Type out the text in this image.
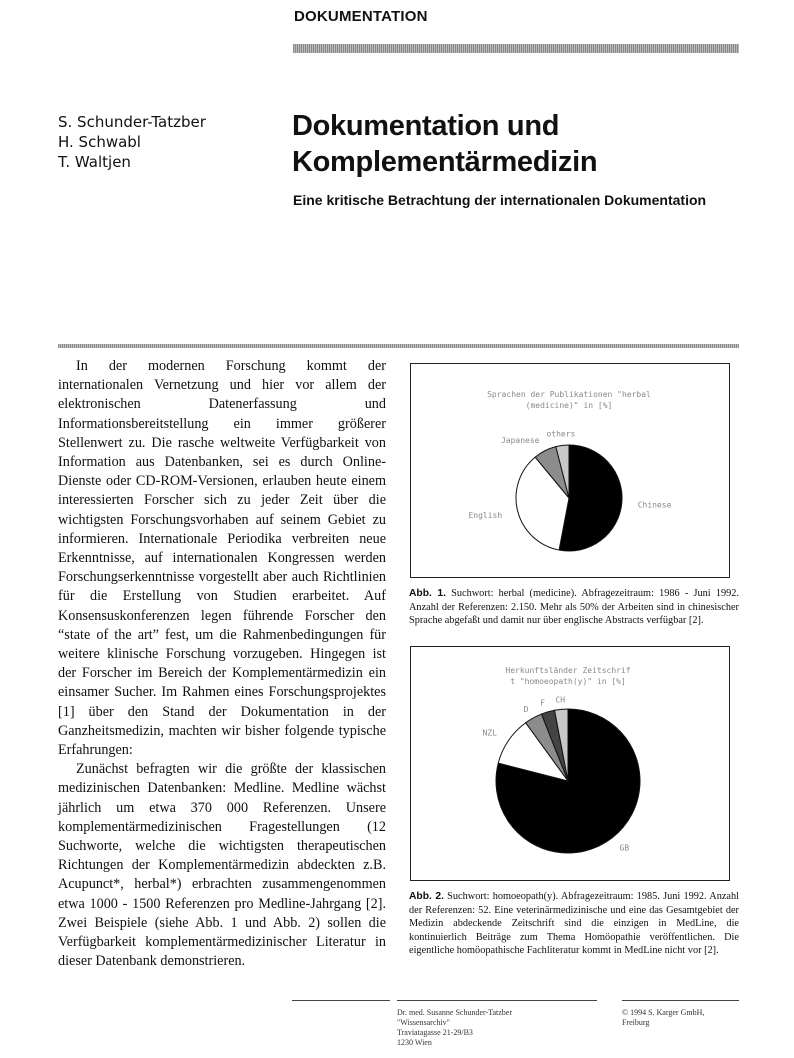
DOKUMENTATION
S. Schunder-Tatzber
H. Schwabl
T. Waltjen
Dokumentation und
Komplementärmedizin
Eine kritische Betrachtung der internationalen Dokumentation

In der modernen Forschung kommt der internationalen Vernetzung und hier vor allem der elektronischen Datenerfassung und Informationsbereitstellung ein immer größerer Stellenwert zu. Die rasche weltweite Verfügbarkeit von Information aus Datenbanken, sei es durch Online-Dienste oder CD-ROM-Versionen, erlauben heute einem interessierten Forscher sich zu jeder Zeit über die wichtigsten Forschungsvorhaben auf seinem Gebiet zu informieren. Internationale Periodika verbreiten neue Erkenntnisse, auf internationalen Kongressen werden Forschungserkenntnisse vorgestellt aber auch Richtlinien für die Erstellung von Studien erarbeitet. Auf Konsensuskonferenzen legen führende Forscher den “state of the art” fest, um die Rahmenbedingungen für weitere klinische Forschung vorzugeben. Hingegen ist der Forscher im Bereich der Komplementärmedizin ein einsamer Sucher. Im Rahmen eines Forschungsprojektes [1] über den Stand der Dokumentation in der Ganzheitsmedizin, machten wir bisher folgende typische Erfahrungen:

Zunächst befragten wir die größte der klassischen medizinischen Datenbanken: Medline. Medline wächst jährlich um etwa 370 000 Referenzen. Unsere komplementärmedizinischen Fragestellungen (12 Suchworte, welche die wichtigsten therapeutischen Richtungen der Komplementärmedizin abdeckten z.B. Acupunct*, herbal*) erbrachten zusammengenommen etwa 1000 - 1500 Referenzen pro Medline-Jahrgang [2]. Zwei Beispiele (siehe Abb. 1 und Abb. 2) sollen die Verfügbarkeit komplementärmedizinischer Literatur in dieser Datenbank demonstrieren.

Sprachen der Publikationen "herbal (medicine)" in [%]
Chinese
English
Japanese
others
Abb. 1. Suchwort: herbal (medicine). Abfragezeitraum: 1986 - Juni 1992. Anzahl der Referenzen: 2.150. Mehr als 50% der Arbeiten sind in chinesischer Sprache abgefaßt und damit nur über englische Abstracts verfügbar [2].
Herkunftsländer Zeitschrif t "homoeopath(y)" in [%]
GB
NZL
D
F CH
Abb. 2. Suchwort: homoeopath(y). Abfragezeitraum: 1985. Juni 1992. Anzahl der Referenzen: 52. Eine veterinärmedizinische und eine das Gesamtgebiet der Medizin abdeckende Zeitschrift sind die einzigen in MedLine, die kontinuierlich Beiträge zum Thema Homöopathie veröffentlichen. Die eigentliche homöopathische Fachliteratur kommt in MedLine nicht vor [2].
Dr. med. Susanne Schunder-Tatzber
"Wissensarchiv"
Traviatagasse 21-29/B3
1230 Wien
© 1994 S. Karger GmbH,
Freiburg
